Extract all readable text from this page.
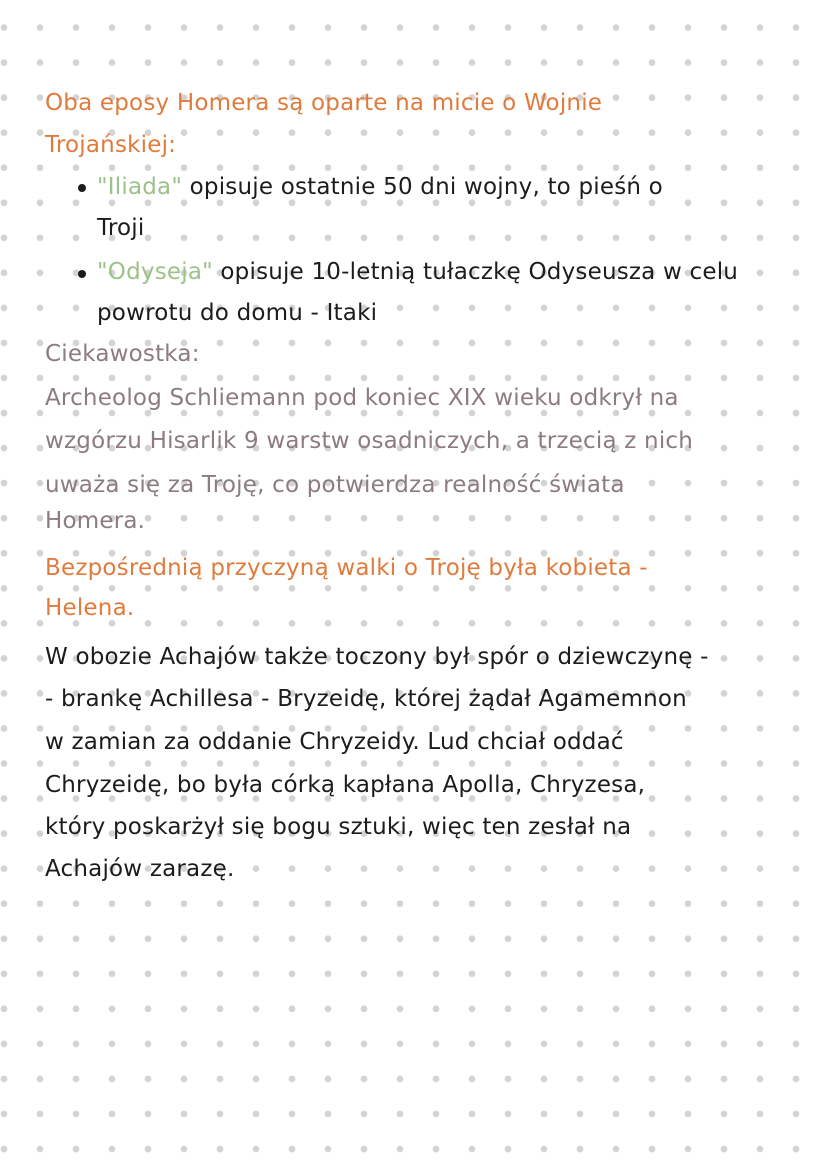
Oba eposy Homera są oparte na micie o Wojnie
Trojańskiej:
"Iliada" opisuje ostatnie 50 dni wojny, to pieśń o
Troji
"Odyseja" opisuje 10-letnią tułaczkę Odyseusza w celu
powrotu do domu - Itaki
Ciekawostka:
Archeolog Schliemann pod koniec XIX wieku odkrył na
wzgórzu Hisarlik 9 warstw osadniczych, a trzecią z nich
uważa się za Troję, co potwierdza realność świata
Homera.
Bezpośrednią przyczyną walki o Troję była kobieta -
Helena.
W obozie Achajów także toczony był spór o dziewczynę -
- brankę Achillesa - Bryzeidę, której żądał Agamemnon
w zamian za oddanie Chryzeidy. Lud chciał oddać
Chryzeidę, bo była córką kapłana Apolla, Chryzesa,
który poskarżył się bogu sztuki, więc ten zesłał na
Achajów zarazę.
